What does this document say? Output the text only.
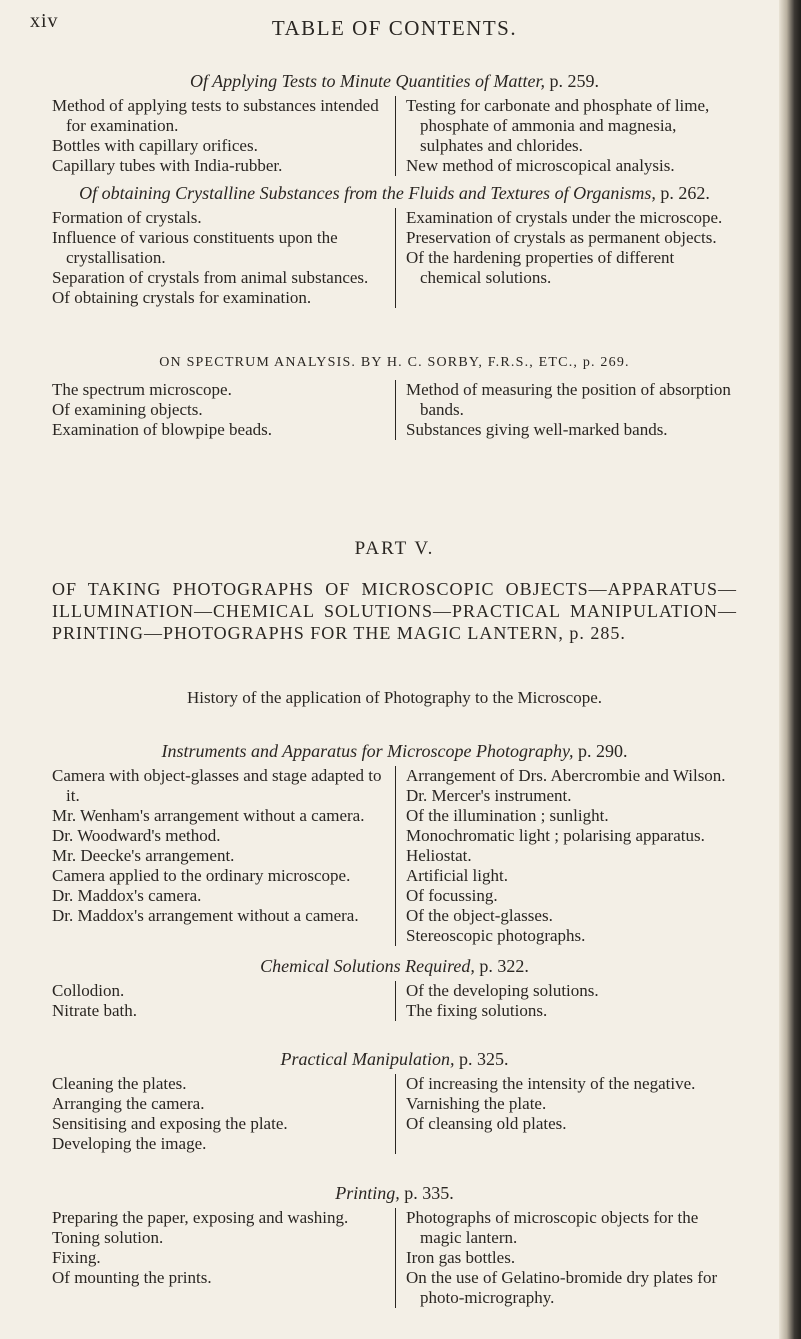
xiv	TABLE OF CONTENTS.

Of Applying Tests to Minute Quantities of Matter, p. 259.

Method of applying tests to substances intended for examination.
Bottles with capillary orifices.
Capillary tubes with India-rubber.
Testing for carbonate and phosphate of lime, phosphate of ammonia and magnesia, sulphates and chlorides.
New method of microscopical analysis.

Of obtaining Crystalline Substances from the Fluids and Textures of Organisms, p. 262.

Formation of crystals.
Influence of various constituents upon the crystallisation.
Separation of crystals from animal substances.
Of obtaining crystals for examination.
Examination of crystals under the microscope.
Preservation of crystals as permanent objects.
Of the hardening properties of different chemical solutions.

ON SPECTRUM ANALYSIS. BY H. C. SORBY, F.R.S., ETC., p. 269.

The spectrum microscope.
Of examining objects.
Examination of blowpipe beads.
Method of measuring the position of absorption bands.
Substances giving well-marked bands.

PART V.

OF TAKING PHOTOGRAPHS OF MICROSCOPIC OBJECTS—APPARATUS—ILLUMINATION—CHEMICAL SOLUTIONS—PRACTICAL MANIPULATION—PRINTING—PHOTOGRAPHS FOR THE MAGIC LANTERN, p. 285.

History of the application of Photography to the Microscope.

Instruments and Apparatus for Microscope Photography, p. 290.

Camera with object-glasses and stage adapted to it.
Mr. Wenham's arrangement without a camera.
Dr. Woodward's method.
Mr. Deecke's arrangement.
Camera applied to the ordinary microscope.
Dr. Maddox's camera.
Dr. Maddox's arrangement without a camera.
Arrangement of Drs. Abercrombie and Wilson.
Dr. Mercer's instrument.
Of the illumination ; sunlight.
Monochromatic light ; polarising apparatus.
Heliostat.
Artificial light.
Of focussing.
Of the object-glasses.
Stereoscopic photographs.

Chemical Solutions Required, p. 322.

Collodion.
Nitrate bath.
Of the developing solutions.
The fixing solutions.

Practical Manipulation, p. 325.

Cleaning the plates.
Arranging the camera.
Sensitising and exposing the plate.
Developing the image.
Of increasing the intensity of the negative.
Varnishing the plate.
Of cleansing old plates.

Printing, p. 335.

Preparing the paper, exposing and washing.
Toning solution.
Fixing.
Of mounting the prints.
Photographs of microscopic objects for the magic lantern.
Iron gas bottles.
On the use of Gelatino-bromide dry plates for photo-micrography.
